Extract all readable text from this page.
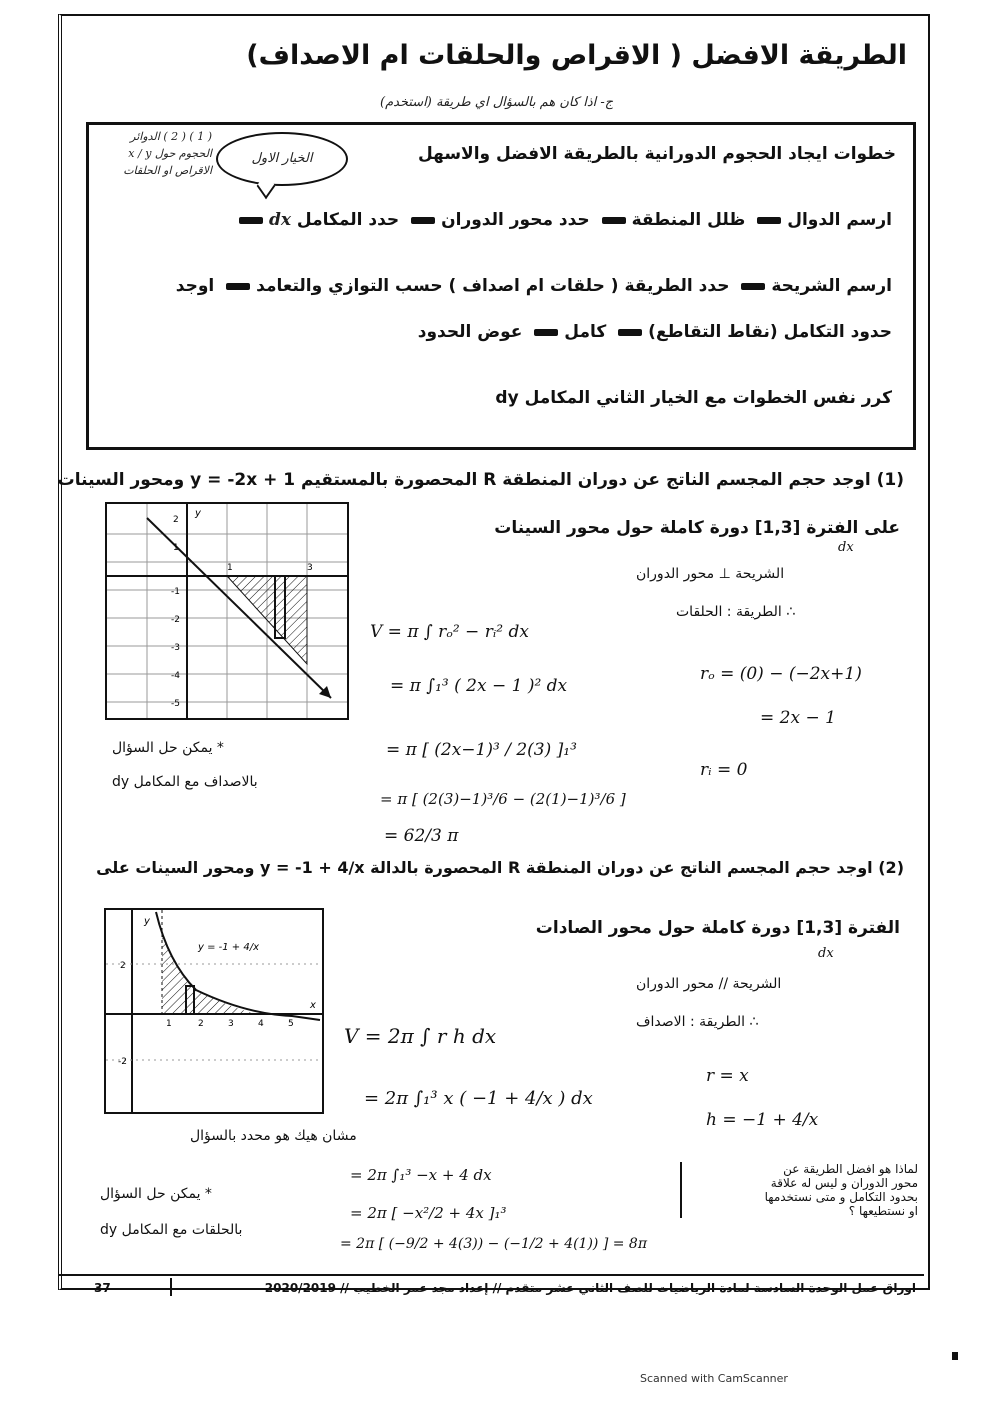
الطريقة الافضل ( الاقراص والحلقات ام الاصداف)
ج- اذا كان هم بالسؤال اي طريقة (استخدم)
( 1 ) ( 2 ) الدوائر
الحجوم حول x / y
الاقراص او الحلقات
الخيار الاول	خطوات ايجاد الحجوم الدورانية بالطريقة الافضل والاسهل
ارسم الدوال ظلل المنطقة حدد محور الدوران حدد المكامل dx
ارسم الشريحة حدد الطريقة ( حلقات ام اصداف ) حسب التوازي والتعامد اوجد
حدود التكامل (نقاط التقاطع) كامل عوض الحدود
كرر نفس الخطوات مع الخيار الثاني المكامل dy
(1) اوجد حجم المجسم الناتج عن دوران المنطقة R المحصورة بالمستقيم y = -2x + 1 ومحور السينات
على الفترة [1,3] دورة كاملة حول محور السينات
dx
الشريحة ⊥ محور الدوران
∴ الطريقة : الحلقات
y
1	3
2
1
-1
-2
-3
-4
-5
V = π ∫ rₒ² − rᵢ² dx
= π ∫₁³ ( 2x − 1 )² dx
= π [ (2x−1)³ / 2(3) ]₁³
= π [ (2(3)−1)³/6 − (2(1)−1)³/6 ]
= 62/3 π
rₒ = (0) − (−2x+1)
= 2x − 1
rᵢ = 0
* يمكن حل السؤال
بالاصداف مع المكامل dy
(2) اوجد حجم المجسم الناتج عن دوران المنطقة R المحصورة بالدالة y = -1 + 4/x ومحور السينات على
الفترة [1,3] دورة كاملة حول محور الصادات
dx
الشريحة // محور الدوران
∴ الطريقة : الاصداف
y = -1 + 4/x
y
x
2
-2
1	2	3	4	5	V = 2π ∫ r h dx
= 2π ∫₁³ x ( −1 + 4/x ) dx
مشان هيك هو محدد بالسؤال
= 2π ∫₁³ −x + 4 dx
= 2π [ −x²/2 + 4x ]₁³
= 2π [ (−9/2 + 4(3)) − (−1/2 + 4(1)) ] = 8π
r = x
h = −1 + 4/x
لماذا هو افضل الطريقة عن
محور الدوران و ليس له علاقة
بحدود التكامل و متى نستخدمها
او نستطيعها ؟
* يمكن حل السؤال
بالحلقات مع المكامل dy
37	اوراق عمل الوحدة السادسة لمادة الرياضيات للصف الثاني عشر متقدم // إعداد مجد عمر الخطيب // 2020/2019
Scanned with CamScanner
